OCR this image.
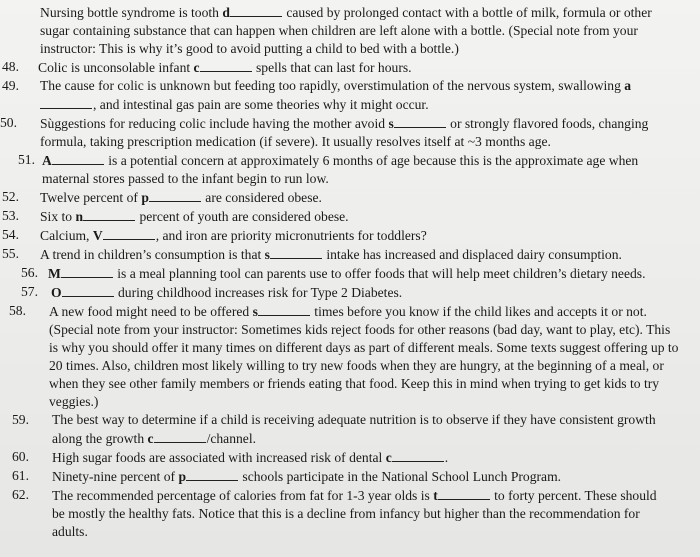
Nursing bottle syndrome is tooth d	caused by prolonged contact with a bottle of milk, formula or other sugar containing substance that can happen when children are left alone with a bottle. (Special note from your instructor: This is why it’s good to avoid putting a child to bed with a bottle.)
48. Colic is unconsolable infant c	spells that can last for hours.
49. The cause for colic is unknown but feeding too rapidly, overstimulation of the nervous system, swallowing a, and intestinal gas pain are some theories why it might occur.
50. Sùggestions for reducing colic include having the mother avoid s	or strongly flavored foods, changing formula, taking prescription medication (if severe). It usually resolves itself at ~3 months age.
51. A	is a potential concern at approximately 6 months of age because this is the approximate age when maternal stores passed to the infant begin to run low.
52. Twelve percent of p	are considered obese.
53. Six to n	percent of youth are considered obese.
54. Calcium, V	, and iron are priority micronutrients for toddlers?
55. A trend in children’s consumption is that s	intake has increased and displaced dairy consumption.
56. M	is a meal planning tool can parents use to offer foods that will help meet children’s dietary needs.
57. O	during childhood increases risk for Type 2 Diabetes.
58. A new food might need to be offered s	times before you know if the child likes and accepts it or not. (Special note from your instructor: Sometimes kids reject foods for other reasons (bad day, want to play, etc). This is why you should offer it many times on different days as part of different meals. Some texts suggest offering up to 20 times. Also, children most likely willing to try new foods when they are hungry, at the beginning of a meal, or when they see other family members or friends eating that food. Keep this in mind when trying to get kids to try veggies.)
59. The best way to determine if a child is receiving adequate nutrition is to observe if they have consistent growth along the growth c	/channel.
60. High sugar foods are associated with increased risk of dental c	.
61. Ninety-nine percent of p	schools participate in the National School Lunch Program.
62. The recommended percentage of calories from fat for 1-3 year olds is t	to forty percent. These should be mostly the healthy fats. Notice that this is a decline from infancy but higher than the recommendation for adults.
